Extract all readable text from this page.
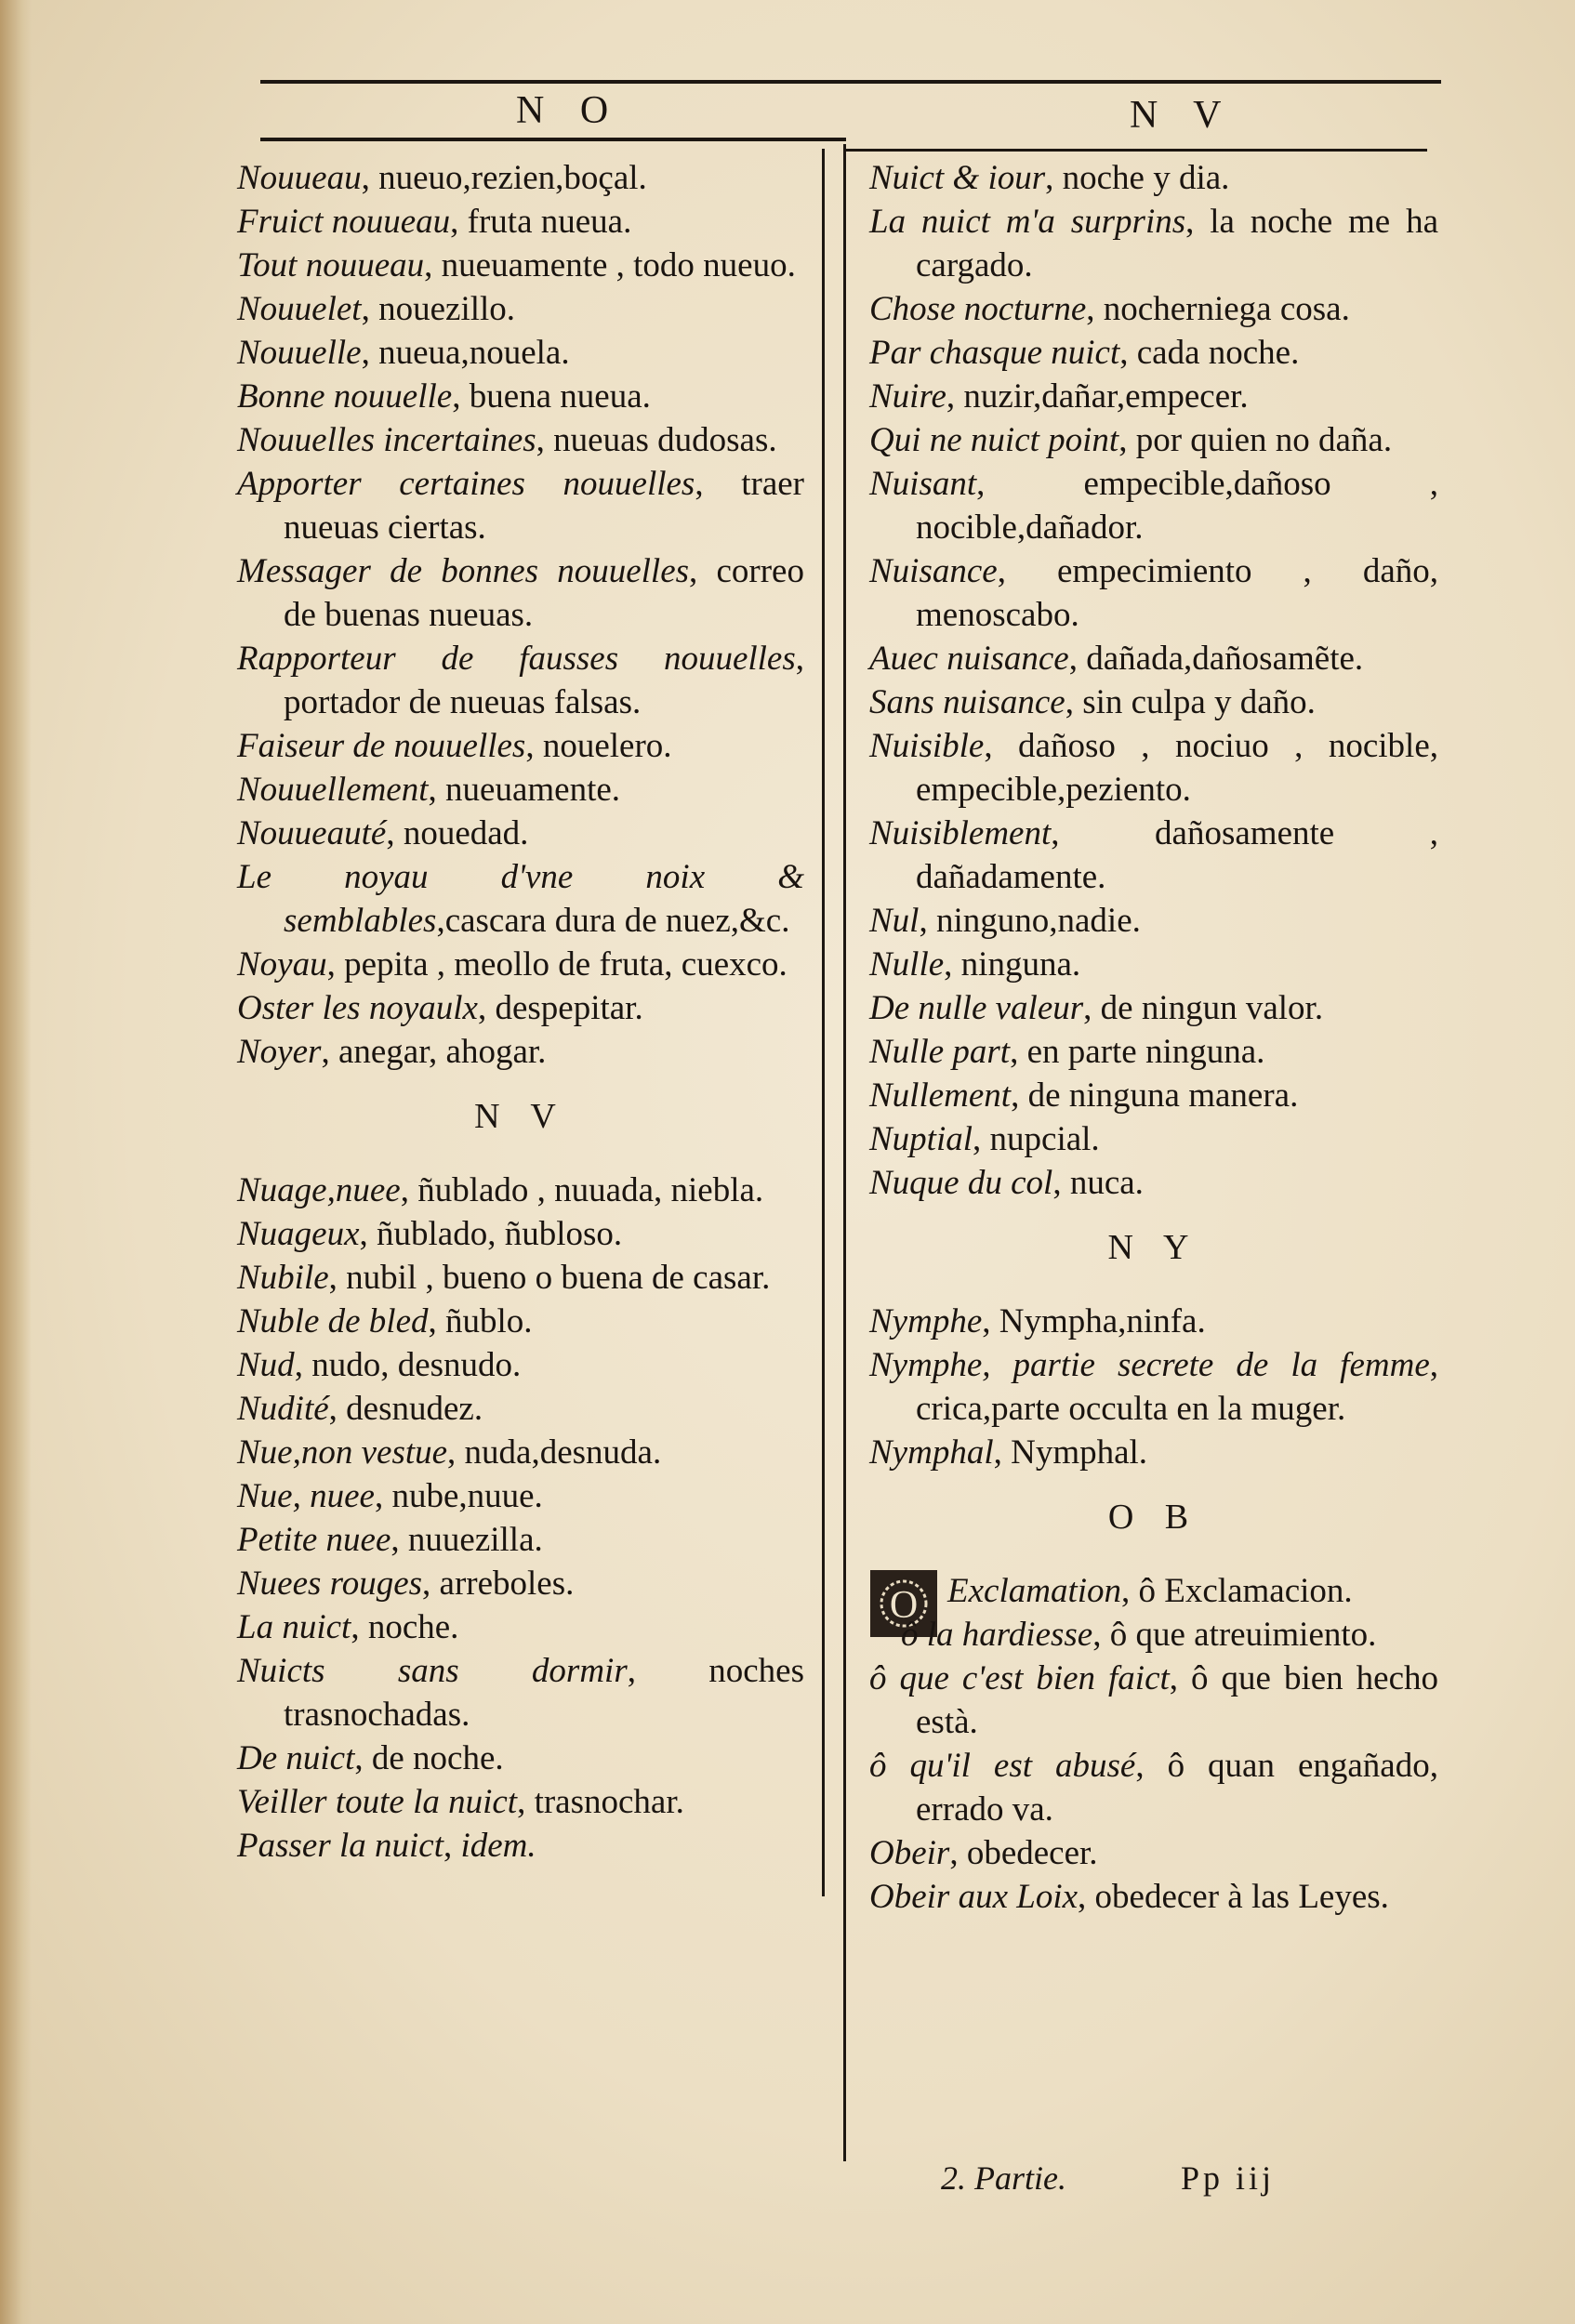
N O	N V
Nouueau, nueuo,rezien,boçal.
Fruict nouueau, fruta nueua.
Tout nouueau, nueuamente , todo nueuo.
Nouuelet, nouezillo.
Nouuelle, nueua,nouela.
Bonne nouuelle, buena nueua.
Nouuelles incertaines, nueuas dudosas.
Apporter certaines nouuelles, traer nueuas ciertas.
Messager de bonnes nouuelles, correo de buenas nueuas.
Rapporteur de fausses nouuelles, portador de nueuas falsas.
Faiseur de nouuelles, nouelero.
Nouuellement, nueuamente.
Nouueauté, nouedad.
Le noyau d'vne noix & semblables,cascara dura de nuez,&c.
Noyau, pepita , meollo de fruta, cuexco.
Oster les noyaulx, despepitar.
Noyer, anegar, ahogar.
N V
Nuage,nuee, ñublado , nuuada, niebla.
Nuageux, ñublado, ñubloso.
Nubile, nubil , bueno o buena de casar.
Nuble de bled, ñublo.
Nud, nudo, desnudo.
Nudité, desnudez.
Nue,non vestue, nuda,desnuda.
Nue, nuee, nube,nuue.
Petite nuee, nuuezilla.
Nuees rouges, arreboles.
La nuict, noche.
Nuicts sans dormir, noches trasnochadas.
De nuict, de noche.
Veiller toute la nuict, trasnochar.
Passer la nuict, idem.
Nuict & iour, noche y dia.
La nuict m'a surprins, la noche me ha cargado.
Chose nocturne, nocherniega cosa.
Par chasque nuict, cada noche.
Nuire, nuzir,dañar,empecer.
Qui ne nuict point, por quien no daña.
Nuisant, empecible,dañoso , nocible,dañador.
Nuisance, empecimiento , daño, menoscabo.
Auec nuisance, dañada,dañosamẽte.
Sans nuisance, sin culpa y daño.
Nuisible, dañoso , nociuo , nocible, empecible,peziento.
Nuisiblement, dañosamente , dañadamente.
Nul, ninguno,nadie.
Nulle, ninguna.
De nulle valeur, de ningun valor.
Nulle part, en parte ninguna.
Nullement, de ninguna manera.
Nuptial, nupcial.
Nuque du col, nuca.
N Y
Nymphe, Nympha,ninfa.
Nymphe, partie secrete de la femme, crica,parte occulta en la muger.
Nymphal, Nymphal.
O B
O Exclamation, ô Exclamacion.
ô la hardiesse, ô que atreuimiento.
ô que c'est bien faict, ô que bien hecho està.
ô qu'il est abusé, ô quan engañado, errado va.
Obeir, obedecer.
Obeir aux Loix, obedecer à las Leyes.
2. Partie.	Pp iij
